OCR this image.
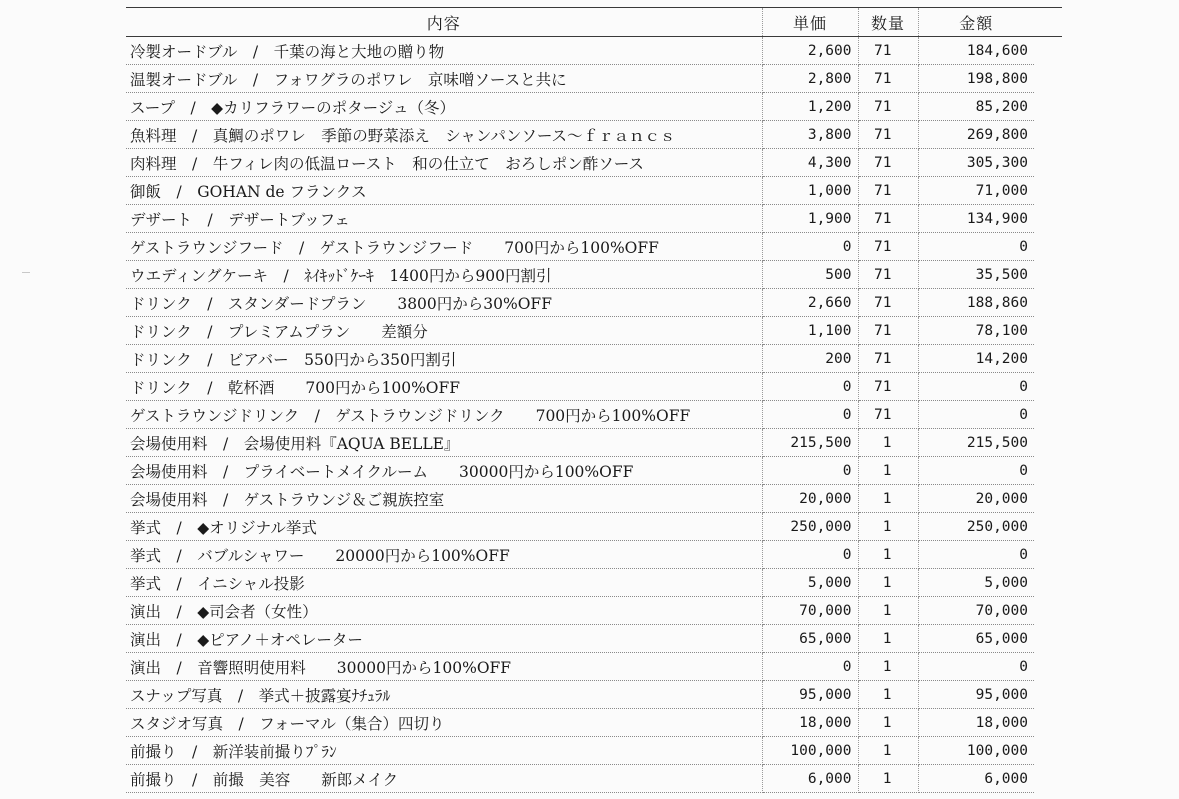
内容	単価	数量	金額
冷製オードブル　/　千葉の海と大地の贈り物	2,600	71	184,600
温製オードブル　/　フォワグラのポワレ　京味噌ソースと共に	2,800	71	198,800
スープ　/　◆カリフラワーのポタージュ（冬）	1,200	71	85,200
魚料理　/　真鯛のポワレ　季節の野菜添え　シャンパンソース～ｆｒａｎｃｓ	3,800	71	269,800
肉料理　/　牛フィレ肉の低温ロースト　和の仕立て　おろしポン酢ソース	4,300	71	305,300
御飯　/　GOHAN de フランクス	1,000	71	71,000
デザート　/　デザートブッフェ	1,900	71	134,900
ゲストラウンジフード　/　ゲストラウンジフード　　700円から100%OFF	0	71	0
ウエディングケーキ　/　ﾈｲｷｯﾄﾞｹｰｷ　1400円から900円割引	500	71	35,500
ドリンク　/　スタンダードプラン　　3800円から30%OFF	2,660	71	188,860
ドリンク　/　プレミアムプラン　　差額分	1,100	71	78,100
ドリンク　/　ビアバー　550円から350円割引	200	71	14,200
ドリンク　/　乾杯酒　　700円から100%OFF	0	71	0
ゲストラウンジドリンク　/　ゲストラウンジドリンク　　700円から100%OFF	0	71	0
会場使用料　/　会場使用料『AQUA BELLE』	215,500	1	215,500
会場使用料　/　プライベートメイクルーム　　30000円から100%OFF	0	1	0
会場使用料　/　ゲストラウンジ＆ご親族控室	20,000	1	20,000
挙式　/　◆オリジナル挙式	250,000	1	250,000
挙式　/　バブルシャワー　　20000円から100%OFF	0	1	0
挙式　/　イニシャル投影	5,000	1	5,000
演出　/　◆司会者（女性）	70,000	1	70,000
演出　/　◆ピアノ＋オペレーター	65,000	1	65,000
演出　/　音響照明使用料　　30000円から100%OFF	0	1	0
スナップ写真　/　挙式＋披露宴ﾅﾁｭﾗﾙ	95,000	1	95,000
スタジオ写真　/　フォーマル（集合）四切り	18,000	1	18,000
前撮り　/　新洋装前撮りﾌﾟﾗﾝ	100,000	1	100,000
前撮り　/　前撮　美容　　新郎メイク	6,000	1	6,000
